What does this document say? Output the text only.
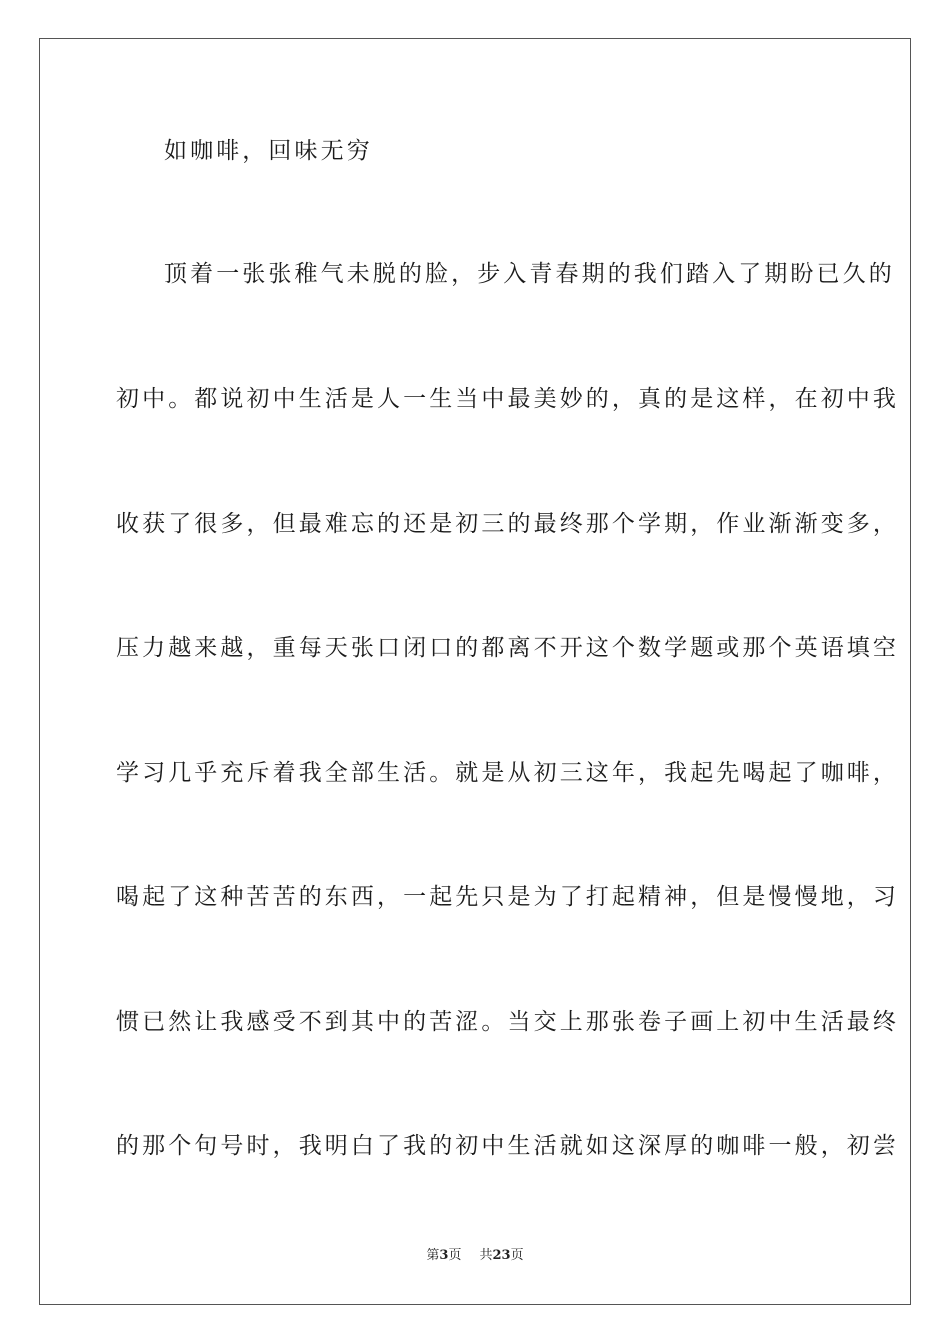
如咖啡，回味无穷
顶着一张张稚气未脱的脸，步入青春期的我们踏入了期盼已久的
初中。都说初中生活是人一生当中最美妙的，真的是这样，在初中我
收获了很多，但最难忘的还是初三的最终那个学期，作业渐渐变多，
压力越来越，重每天张口闭口的都离不开这个数学题或那个英语填空
学习几乎充斥着我全部生活。就是从初三这年，我起先喝起了咖啡，
喝起了这种苦苦的东西，一起先只是为了打起精神，但是慢慢地，习
惯已然让我感受不到其中的苦涩。当交上那张卷子画上初中生活最终
的那个句号时，我明白了我的初中生活就如这深厚的咖啡一般，初尝
第3页 共23页
